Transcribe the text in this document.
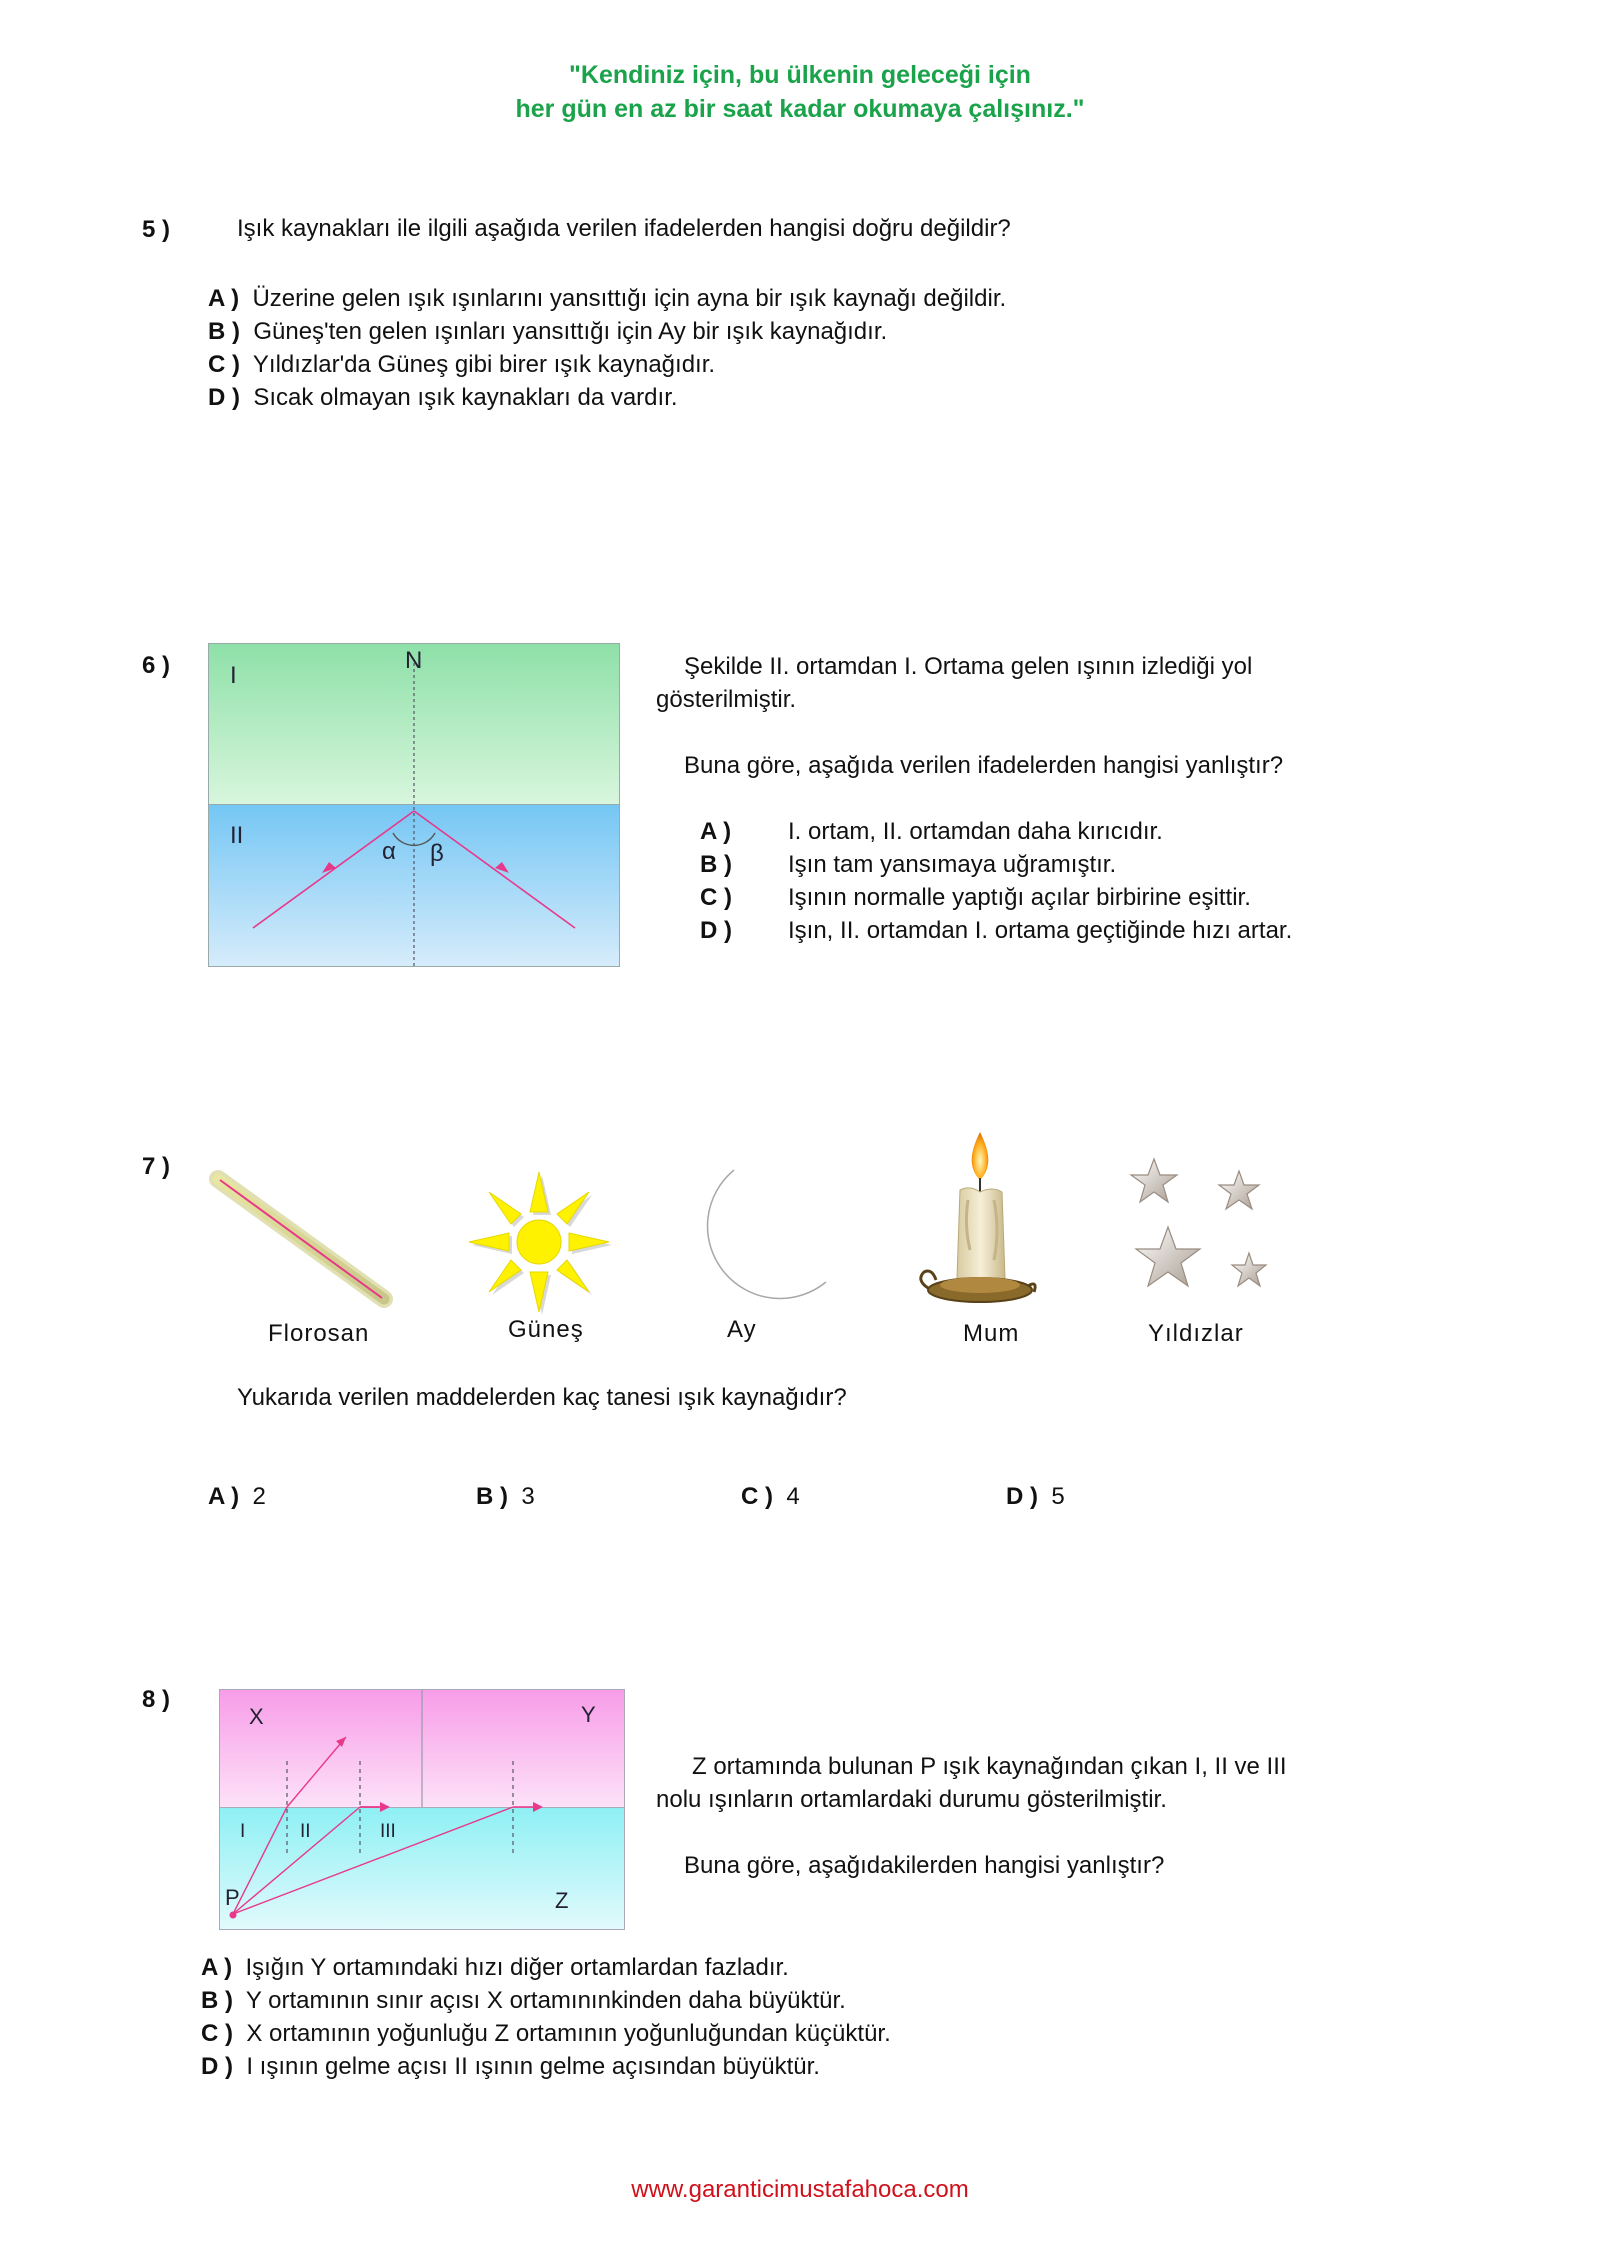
"Kendiniz için, bu ülkenin geleceği için
her gün en az bir saat kadar okumaya çalışınız."
5 )	Işık kaynakları ile ilgili aşağıda verilen ifadelerden hangisi doğru değildir?
A ) Üzerine gelen ışık ışınlarını yansıttığı için ayna bir ışık kaynağı değildir.
B ) Güneş'ten gelen ışınları yansıttığı için Ay bir ışık kaynağıdır.
C ) Yıldızlar'da Güneş gibi birer ışık kaynağıdır.
D ) Sıcak olmayan ışık kaynakları da vardır.
6 ) I
II
N
α β
Şekilde II. ortamdan I. Ortama gelen ışının izlediği yol
gösterilmiştir.
Buna göre, aşağıda verilen ifadelerden hangisi yanlıştır?
A ) I. ortam, II. ortamdan daha kırıcıdır.
B ) Işın tam yansımaya uğramıştır.
C ) Işının normalle yaptığı açılar birbirine eşittir.
D ) Işın, II. ortamdan I. ortama geçtiğinde hızı artar.
7 )
Florosan	Güneş	Ay	Mum	Yıldızlar
Yukarıda verilen maddelerden kaç tanesi ışık kaynağıdır?
A ) 2	B ) 3	C ) 4	D ) 5
8 )
X	Y
Z
P
I	II	III
Z ortamında bulunan P ışık kaynağından çıkan I, II ve III
nolu ışınların ortamlardaki durumu gösterilmiştir.
Buna göre, aşağıdakilerden hangisi yanlıştır?
A ) Işığın Y ortamındaki hızı diğer ortamlardan fazladır.
B ) Y ortamının sınır açısı X ortamınınkinden daha büyüktür.
C ) X ortamının yoğunluğu Z ortamının yoğunluğundan küçüktür.
D ) I ışının gelme açısı II ışının gelme açısından büyüktür.
www.garanticimustafahoca.com
